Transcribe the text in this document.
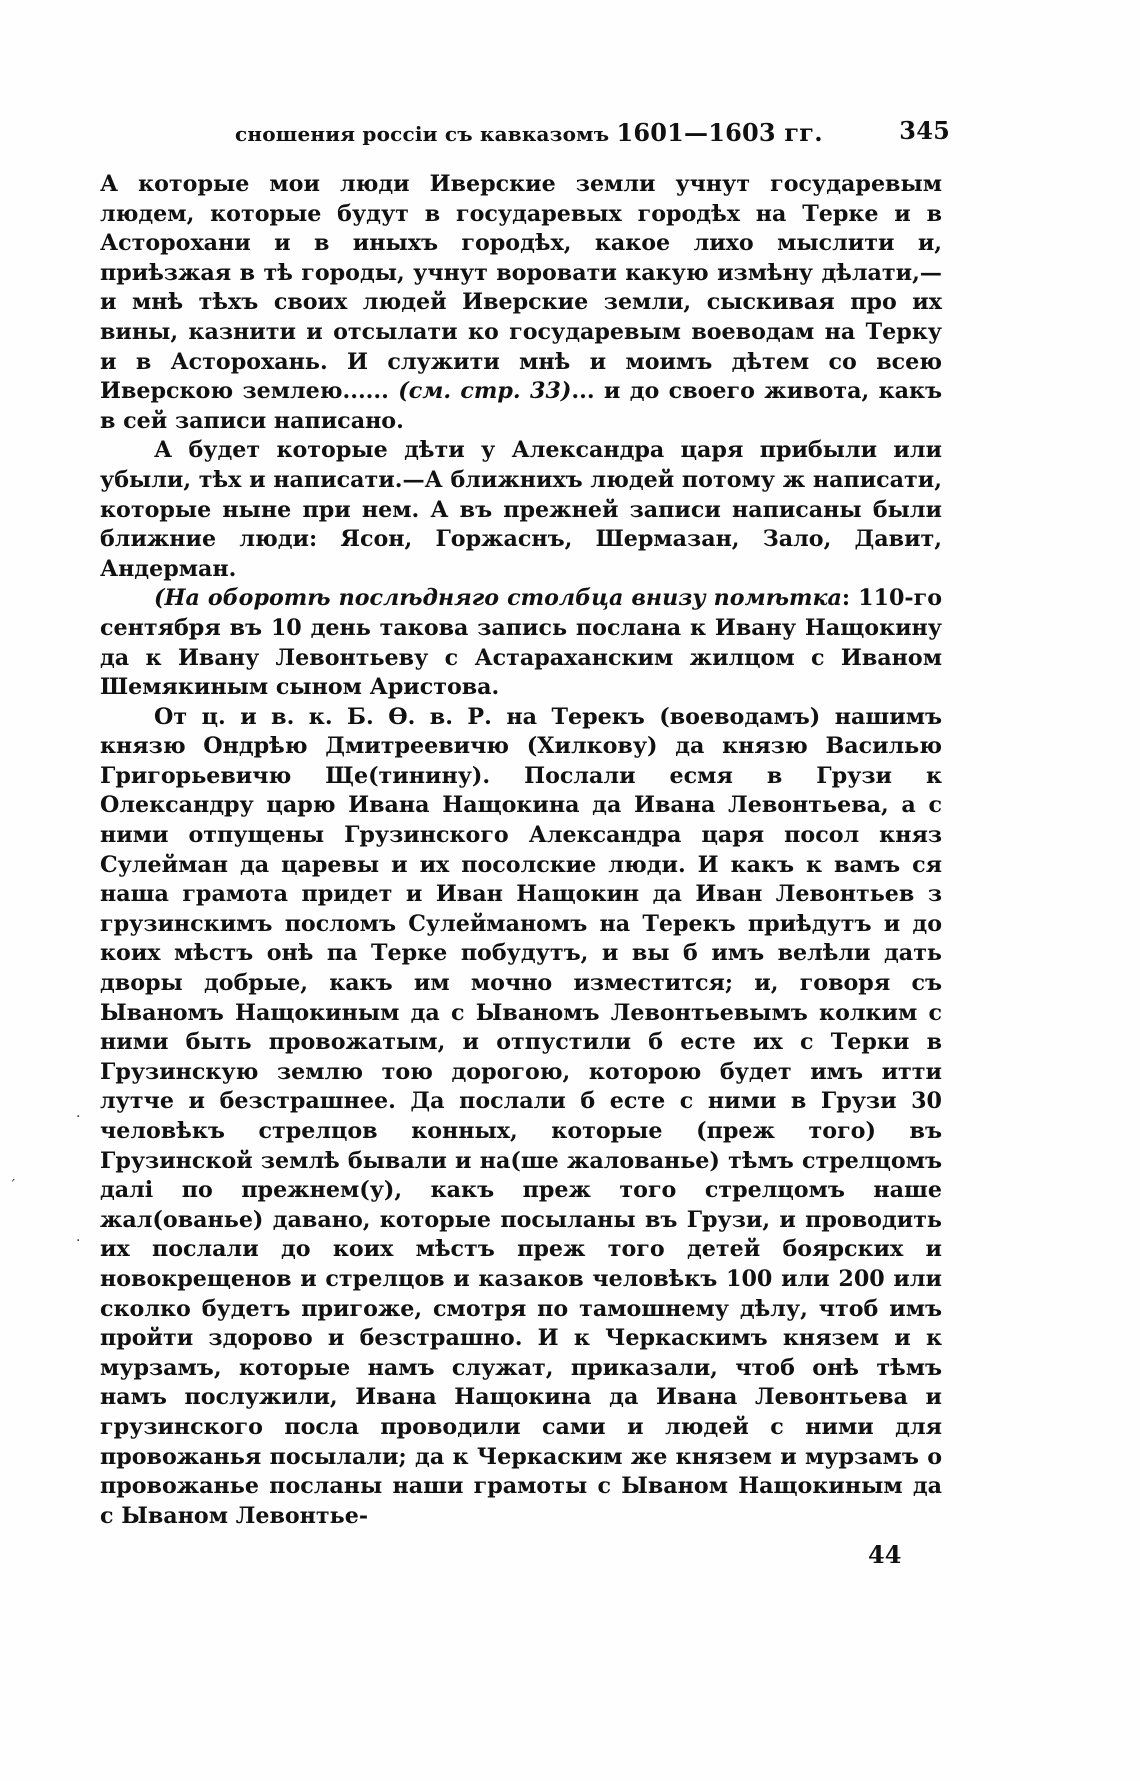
сношения россіи съ кавказомъ 1601—1603 гг.	345

А которые мои люди Иверские земли учнут государевым людем, которые будут в государевых городѣх на Терке и в Асторохани и в иныхъ городѣх, какое лихо мыслити и, приѣзжая в тѣ городы, учнут воровати какую измѣну дѣлати,—и мнѣ тѣхъ своих людей Иверские земли, сыскивая про их вины, казнити и отсылати ко государевым воеводам на Терку и в Асторохань. И служити мнѣ и моимъ дѣтем со всею Иверскою землею...... (см. стр. 33)... и до своего живота, какъ в сей записи написано.

А будет которые дѣти у Александра царя прибыли или убыли, тѣх и написати.—А ближниxъ людей потому ж написати, которые ныне при нем. А въ прежней записи написаны были ближние люди: Ясон, Горжаснъ, Шермазан, Зало, Давит, Андерман.

(На оборотѣ послѣдняго столбца внизу помѣтка: 110-го сентября въ 10 день такова запись послана к Ивану Нащокину да к Ивану Левонтьеву с Астараханским жилцом с Иваном Шемякиным сыном Аристова.

От ц. и в. к. Б. Ѳ. в. Р. на Терекъ (воеводамъ) нашимъ князю Ондрѣю Дмитреевичю (Хилкову) да князю Василью Григорьевичю Ще(тинину). Послали есмя в Грузи к Олександру царю Ивана Нащокина да Ивана Левонтьева, а с ними отпущены Грузинского Александра царя посол княз Сулейман да царевы и их посолские люди. И какъ к вамъ ся наша грамота придет и Иван Нащокин да Иван Левонтьев з грузинскимъ посломъ Сулейманомъ на Терекъ приѣдутъ и до коих мѣстъ онѣ па Терке побудутъ, и вы б имъ велѣли дать дворы добрые, какъ им мочно изместится; и, говоря съ Ываномъ Нащокиным да с Ываномъ Левонтьевымъ колким с ними быть провожатым, и отпустили б есте их с Терки в Грузинскую землю тою дорогою, которою будет имъ итти лутче и безстрашнее. Да послали б есте с ними в Грузи 30 человѣкъ стрелцов конных, которые (преж того) въ Грузинской землѣ бывали и на(ше жалованье) тѣмъ стрелцомъ далі по прежнем(у), какъ преж того стрелцомъ наше жал(ованье) давано, которые посыланы въ Грузи, и проводить их послали до коих мѣстъ преж того детей боярских и новокрещенов и стрелцов и казаков человѣкъ 100 или 200 или сколко будетъ пригоже, смотря по тамошнему дѣлу, чтоб имъ пройти здорово и безстрашно. И к Черкаскимъ князем и к мурзамъ, которые намъ служат, приказали, чтоб онѣ тѣмъ намъ послужили, Ивана Нащокина да Ивана Левонтьева и грузинского посла проводили сами и людей с ними для провожанья посылали; да к Черкаским же князем и мурзамъ о провожанье посланы наши грамоты с Ываном Нащокиным да с Ываном Левонтье-

44
·
ˊ
·
